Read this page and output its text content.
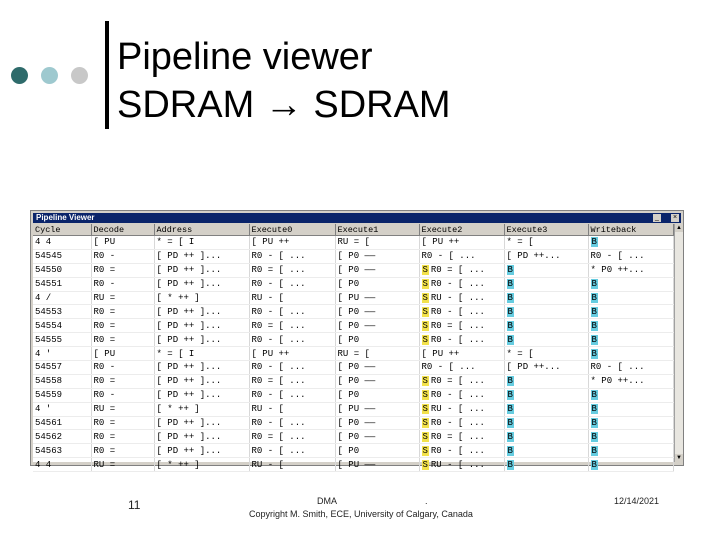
Pipeline viewer
SDRAM → SDRAM
Pipeline Viewer	_ ×
Cycle	Decode	Address	Execute0	Execute1	Execute2	Execute3	Writeback
4 4	[ PU	* = [ I	[ PU ++	RU = [	[ PU ++	* = [	B
54545	R0 -	[ PD ++ ]...	R0 - [ ...	[ P0 ——	R0 - [ ...	[ PD ++...	R0 - [ ...
54550	R0 =	[ PD ++ ]...	R0 = [ ...	[ P0 ——	S R0 = [ ...	B	* P0 ++...
54551	R0 -	[ PD ++ ]...	R0 - [ ...	[ P0	S R0 - [ ...	B	B
4 /	RU =	[ * ++ ]	RU - [	[ PU ——	S RU - [ ...	B	B
54553	R0 =	[ PD ++ ]...	R0 - [ ...	[ P0 ——	S R0 - [ ...	B	B
54554	R0 =	[ PD ++ ]...	R0 = [ ...	[ P0 ——	S R0 = [ ...	B	B
54555	R0 =	[ PD ++ ]...	R0 - [ ...	[ P0	S R0 - [ ...	B	B
4 '	[ PU	* = [ I	[ PU ++	RU = [	[ PU ++	* = [	B
54557	R0 -	[ PD ++ ]...	R0 - [ ...	[ P0 ——	R0 - [ ...	[ PD ++...	R0 - [ ...
54558	R0 =	[ PD ++ ]...	R0 = [ ...	[ P0 ——	S R0 = [ ...	B	* P0 ++...
54559	R0 -	[ PD ++ ]...	R0 - [ ...	[ P0	S R0 - [ ...	B	B
4 '	RU =	[ * ++ ]	RU - [	[ PU ——	S RU - [ ...	B	B
54561	R0 =	[ PD ++ ]...	R0 - [ ...	[ P0 ——	S R0 - [ ...	B	B
54562	R0 =	[ PD ++ ]...	R0 = [ ...	[ P0 ——	S R0 = [ ...	B	B
54563	R0 =	[ PD ++ ]...	R0 - [ ...	[ P0	S R0 - [ ...	B	B
4 4	RU =	[ * ++ ]	RU - [	[ PU ——	S RU - [ ...	B	B
▲
▼
11	DMA	.
Copyright M. Smith, ECE, University of Calgary, Canada
12/14/2021
